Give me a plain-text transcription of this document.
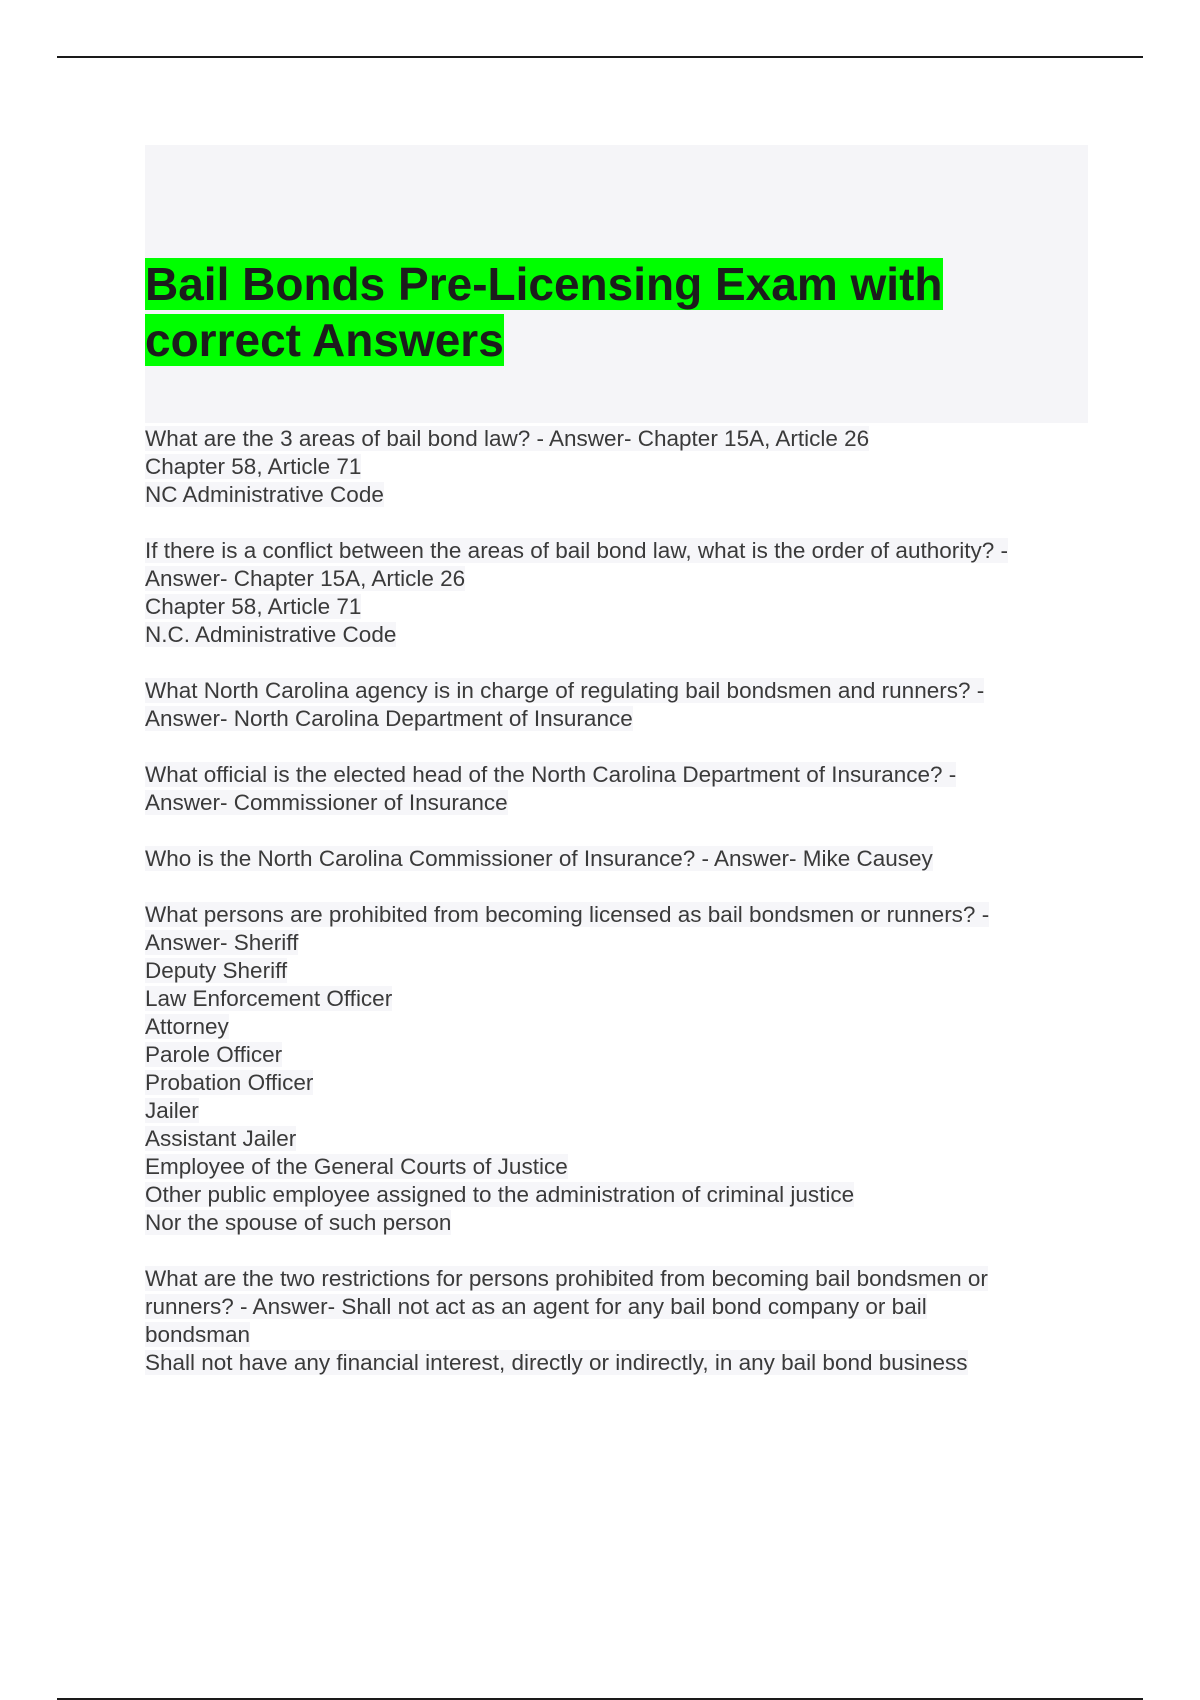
Bail Bonds Pre-Licensing Exam with
correct Answers
What are the 3 areas of bail bond law? - Answer- Chapter 15A, Article 26
Chapter 58, Article 71
NC Administrative Code
If there is a conflict between the areas of bail bond law, what is the order of authority? -
Answer- Chapter 15A, Article 26
Chapter 58, Article 71
N.C. Administrative Code
What North Carolina agency is in charge of regulating bail bondsmen and runners? -
Answer- North Carolina Department of Insurance
What official is the elected head of the North Carolina Department of Insurance? -
Answer- Commissioner of Insurance
Who is the North Carolina Commissioner of Insurance? - Answer- Mike Causey
What persons are prohibited from becoming licensed as bail bondsmen or runners? -
Answer- Sheriff
Deputy Sheriff
Law Enforcement Officer
Attorney
Parole Officer
Probation Officer
Jailer
Assistant Jailer
Employee of the General Courts of Justice
Other public employee assigned to the administration of criminal justice
Nor the spouse of such person
What are the two restrictions for persons prohibited from becoming bail bondsmen or
runners? - Answer- Shall not act as an agent for any bail bond company or bail
bondsman
Shall not have any financial interest, directly or indirectly, in any bail bond business
